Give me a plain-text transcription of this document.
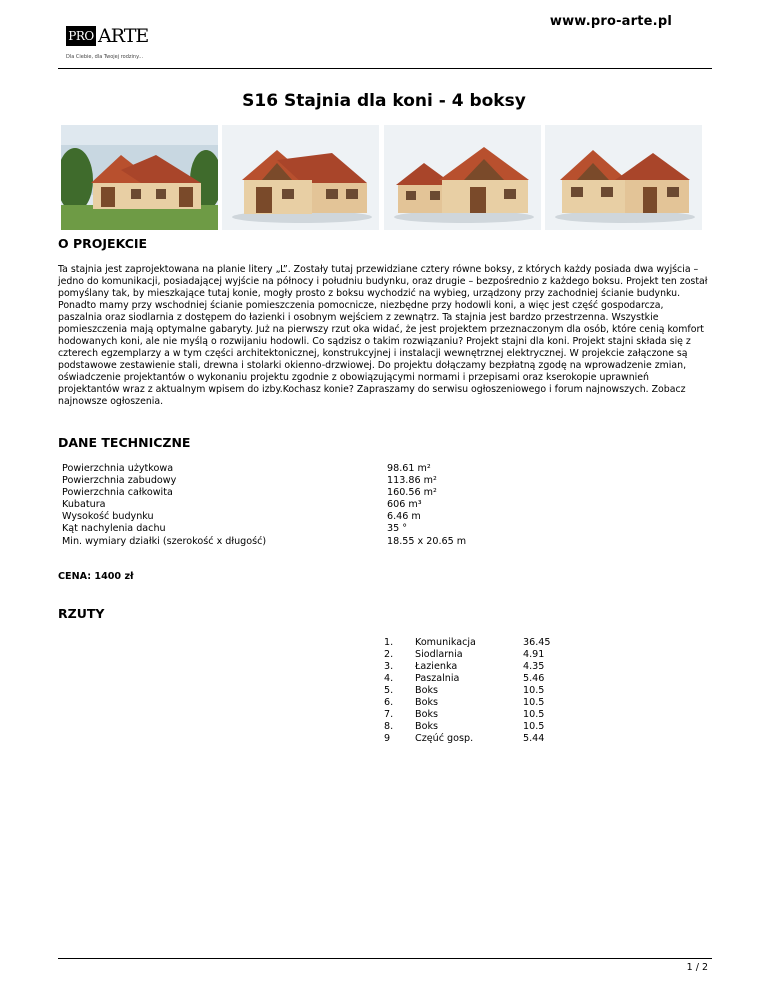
www.pro-arte.pl
PRO ARTE
Dla Ciebie, dla Twojej rodziny...
S16 Stajnia dla koni - 4 boksy
O PROJEKCIE

Ta stajnia jest zaprojektowana na planie litery „L”. Zostały tutaj przewidziane cztery równe boksy, z których każdy posiada dwa wyjścia – jedno do komunikacji, posiadającej wyjście na północy i południu budynku, oraz drugie – bezpośrednio z każdego boksu. Projekt ten został pomyślany tak, by mieszkające tutaj konie, mogły prosto z boksu wychodzić na wybieg, urządzony przy zachodniej ścianie budynku. Ponadto mamy przy wschodniej ścianie pomieszczenia pomocnicze, niezbędne przy hodowli koni, a więc jest część gospodarcza, paszalnia oraz siodlarnia z dostępem do łazienki i osobnym wejściem z zewnątrz. Ta stajnia jest bardzo przestrzenna. Wszystkie pomieszczenia mają optymalne gabaryty. Już na pierwszy rzut oka widać, że jest projektem przeznaczonym dla osób, które cenią komfort hodowanych koni, ale nie myślą o rozwijaniu hodowli. Co sądzisz o takim rozwiązaniu? Projekt stajni dla koni. Projekt stajni składa się z czterech egzemplarzy a w tym części architektonicznej, konstrukcyjnej i instalacji wewnętrznej elektrycznej. W projekcie załączone są podstawowe zestawienie stali, drewna i stolarki okienno-drzwiowej. Do projektu dołączamy bezpłatną zgodę na wprowadzenie zmian, oświadczenie projektantów o wykonaniu projektu zgodnie z obowiązującymi normami i przepisami oraz kserokopie uprawnień projektantów wraz z aktualnym wpisem do izby.Kochasz konie? Zapraszamy do serwisu ogłoszeniowego i forum najnowszych. Zobacz najnowsze ogłoszenia.

DANE TECHNICZNE
Powierzchnia użytkowa	98.61 m²
Powierzchnia zabudowy	113.86 m²
Powierzchnia całkowita	160.56 m²
Kubatura	606 m³
Wysokość budynku	6.46 m
Kąt nachylenia dachu	35 °
Min. wymiary działki (szerokość x długość)	18.55 x 20.65 m
CENA: 1400 zł
RZUTY
1.	Komunikacja	36.45
2.	Siodlarnia	4.91
3.	Łazienka	4.35
4.	Paszalnia	5.46
5.	Boks	10.5
6.	Boks	10.5
7.	Boks	10.5
8.	Boks	10.5
9	Częúć gosp.	5.44
1 / 2
